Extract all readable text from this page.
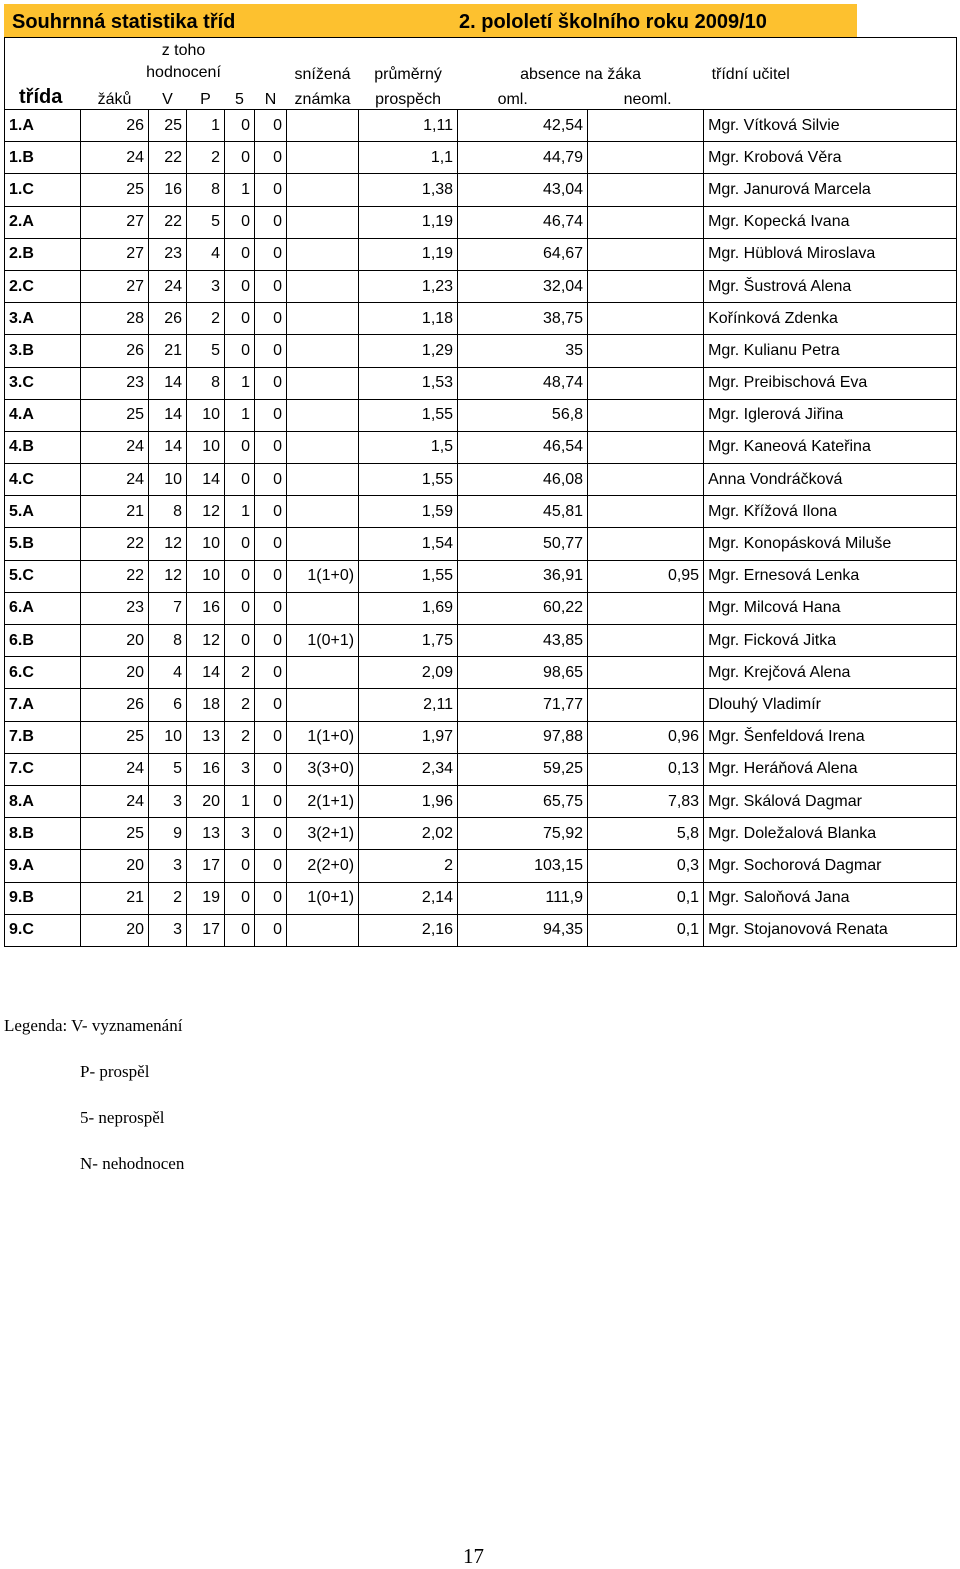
Souhrnná statistika tříd	2. pololetí školního roku 2009/10
	z toho
hodnocení					snížená	průměrný	absence na žáka		třídní učitel
třída	žáků	V	P	5	N	známka	prospěch	oml.	neoml.	
1.A	26	25	1	0	0		1,11	42,54		Mgr. Vítková Silvie
1.B	24	22	2	0	0		1,1	44,79		Mgr. Krobová Věra
1.C	25	16	8	1	0		1,38	43,04		Mgr. Janurová Marcela
2.A	27	22	5	0	0		1,19	46,74		Mgr. Kopecká Ivana
2.B	27	23	4	0	0		1,19	64,67		Mgr. Hüblová Miroslava
2.C	27	24	3	0	0		1,23	32,04		Mgr. Šustrová Alena
3.A	28	26	2	0	0		1,18	38,75		Kořínková Zdenka
3.B	26	21	5	0	0		1,29	35		Mgr. Kulianu Petra
3.C	23	14	8	1	0		1,53	48,74		Mgr. Preibischová Eva
4.A	25	14	10	1	0		1,55	56,8		Mgr. Iglerová Jiřina
4.B	24	14	10	0	0		1,5	46,54		Mgr. Kaneová Kateřina
4.C	24	10	14	0	0		1,55	46,08		Anna Vondráčková
5.A	21	8	12	1	0		1,59	45,81		Mgr. Křížová Ilona
5.B	22	12	10	0	0		1,54	50,77		Mgr. Konopásková Miluše
5.C	22	12	10	0	0	1(1+0)	1,55	36,91	0,95	Mgr. Ernesová Lenka
6.A	23	7	16	0	0		1,69	60,22		Mgr. Milcová Hana
6.B	20	8	12	0	0	1(0+1)	1,75	43,85		Mgr. Ficková Jitka
6.C	20	4	14	2	0		2,09	98,65		Mgr. Krejčová Alena
7.A	26	6	18	2	0		2,11	71,77		Dlouhý Vladimír
7.B	25	10	13	2	0	1(1+0)	1,97	97,88	0,96	Mgr. Šenfeldová Irena
7.C	24	5	16	3	0	3(3+0)	2,34	59,25	0,13	Mgr. Heráňová Alena
8.A	24	3	20	1	0	2(1+1)	1,96	65,75	7,83	Mgr. Skálová Dagmar
8.B	25	9	13	3	0	3(2+1)	2,02	75,92	5,8	Mgr. Doležalová Blanka
9.A	20	3	17	0	0	2(2+0)	2	103,15	0,3	Mgr. Sochorová Dagmar
9.B	21	2	19	0	0	1(0+1)	2,14	111,9	0,1	Mgr. Saloňová Jana
9.C	20	3	17	0	0		2,16	94,35	0,1	Mgr. Stojanovová Renata
Legenda: V- vyznamenání
P- prospěl
5- neprospěl
N- nehodnocen
17
